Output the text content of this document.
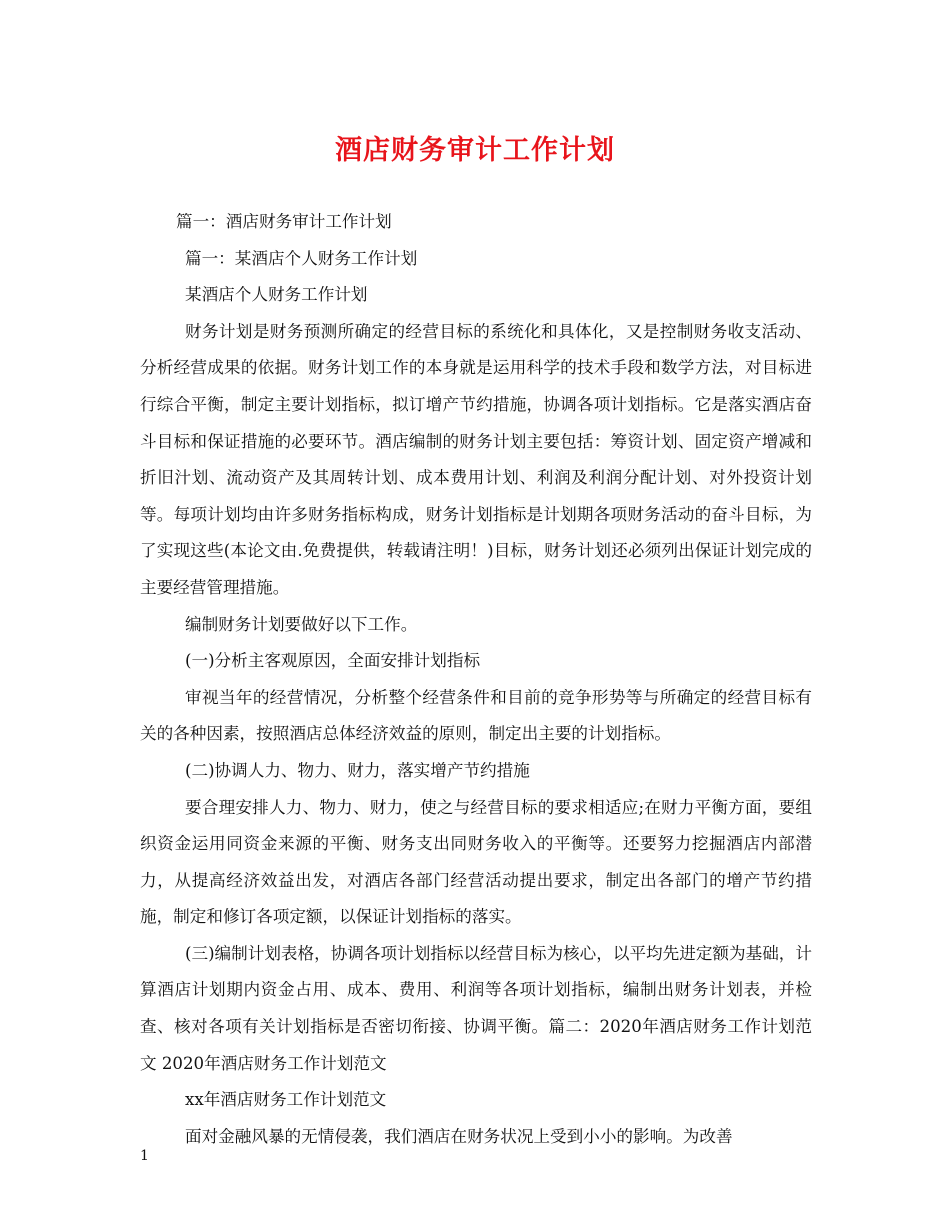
酒店财务审计工作计划

篇一：酒店财务审计工作计划

篇一：某酒店个人财务工作计划

某酒店个人财务工作计划

财务计划是财务预测所确定的经营目标的系统化和具体化，又是控制财务收支活动、分析经营成果的依据。财务计划工作的本身就是运用科学的技术手段和数学方法，对目标进行综合平衡，制定主要计划指标，拟订增产节约措施，协调各项计划指标。它是落实酒店奋斗目标和保证措施的必要环节。酒店编制的财务计划主要包括：筹资计划、固定资产增减和折旧汁划、流动资产及其周转计划、成本费用计划、利润及利润分配计划、对外投资计划等。每项计划均由许多财务指标构成，财务计划指标是计划期各项财务活动的奋斗目标，为了实现这些(本论文由.免费提供，转载请注明！)目标，财务计划还必须列出保证计划完成的主要经营管理措施。

编制财务计划要做好以下工作。

(一)分析主客观原因，全面安排计划指标

审视当年的经营情况，分析整个经营条件和目前的竞争形势等与所确定的经营目标有关的各种因素，按照酒店总体经济效益的原则，制定出主要的计划指标。

(二)协调人力、物力、财力，落实增产节约措施

要合理安排人力、物力、财力，使之与经营目标的要求相适应;在财力平衡方面，要组织资金运用同资金来源的平衡、财务支出同财务收入的平衡等。还要努力挖掘酒店内部潜力，从提高经济效益出发，对酒店各部门经营活动提出要求，制定出各部门的增产节约措施，制定和修订各项定额，以保证计划指标的落实。

(三)编制计划表格，协调各项计划指标以经营目标为核心，以平均先进定额为基础，计算酒店计划期内资金占用、成本、费用、利润等各项计划指标，编制出财务计划表，并检查、核对各项有关计划指标是否密切衔接、协调平衡。篇二：2020年酒店财务工作计划范文 2020年酒店财务工作计划范文

xx年酒店财务工作计划范文

面对金融风暴的无情侵袭，我们酒店在财务状况上受到小小的影响。为改善

1
